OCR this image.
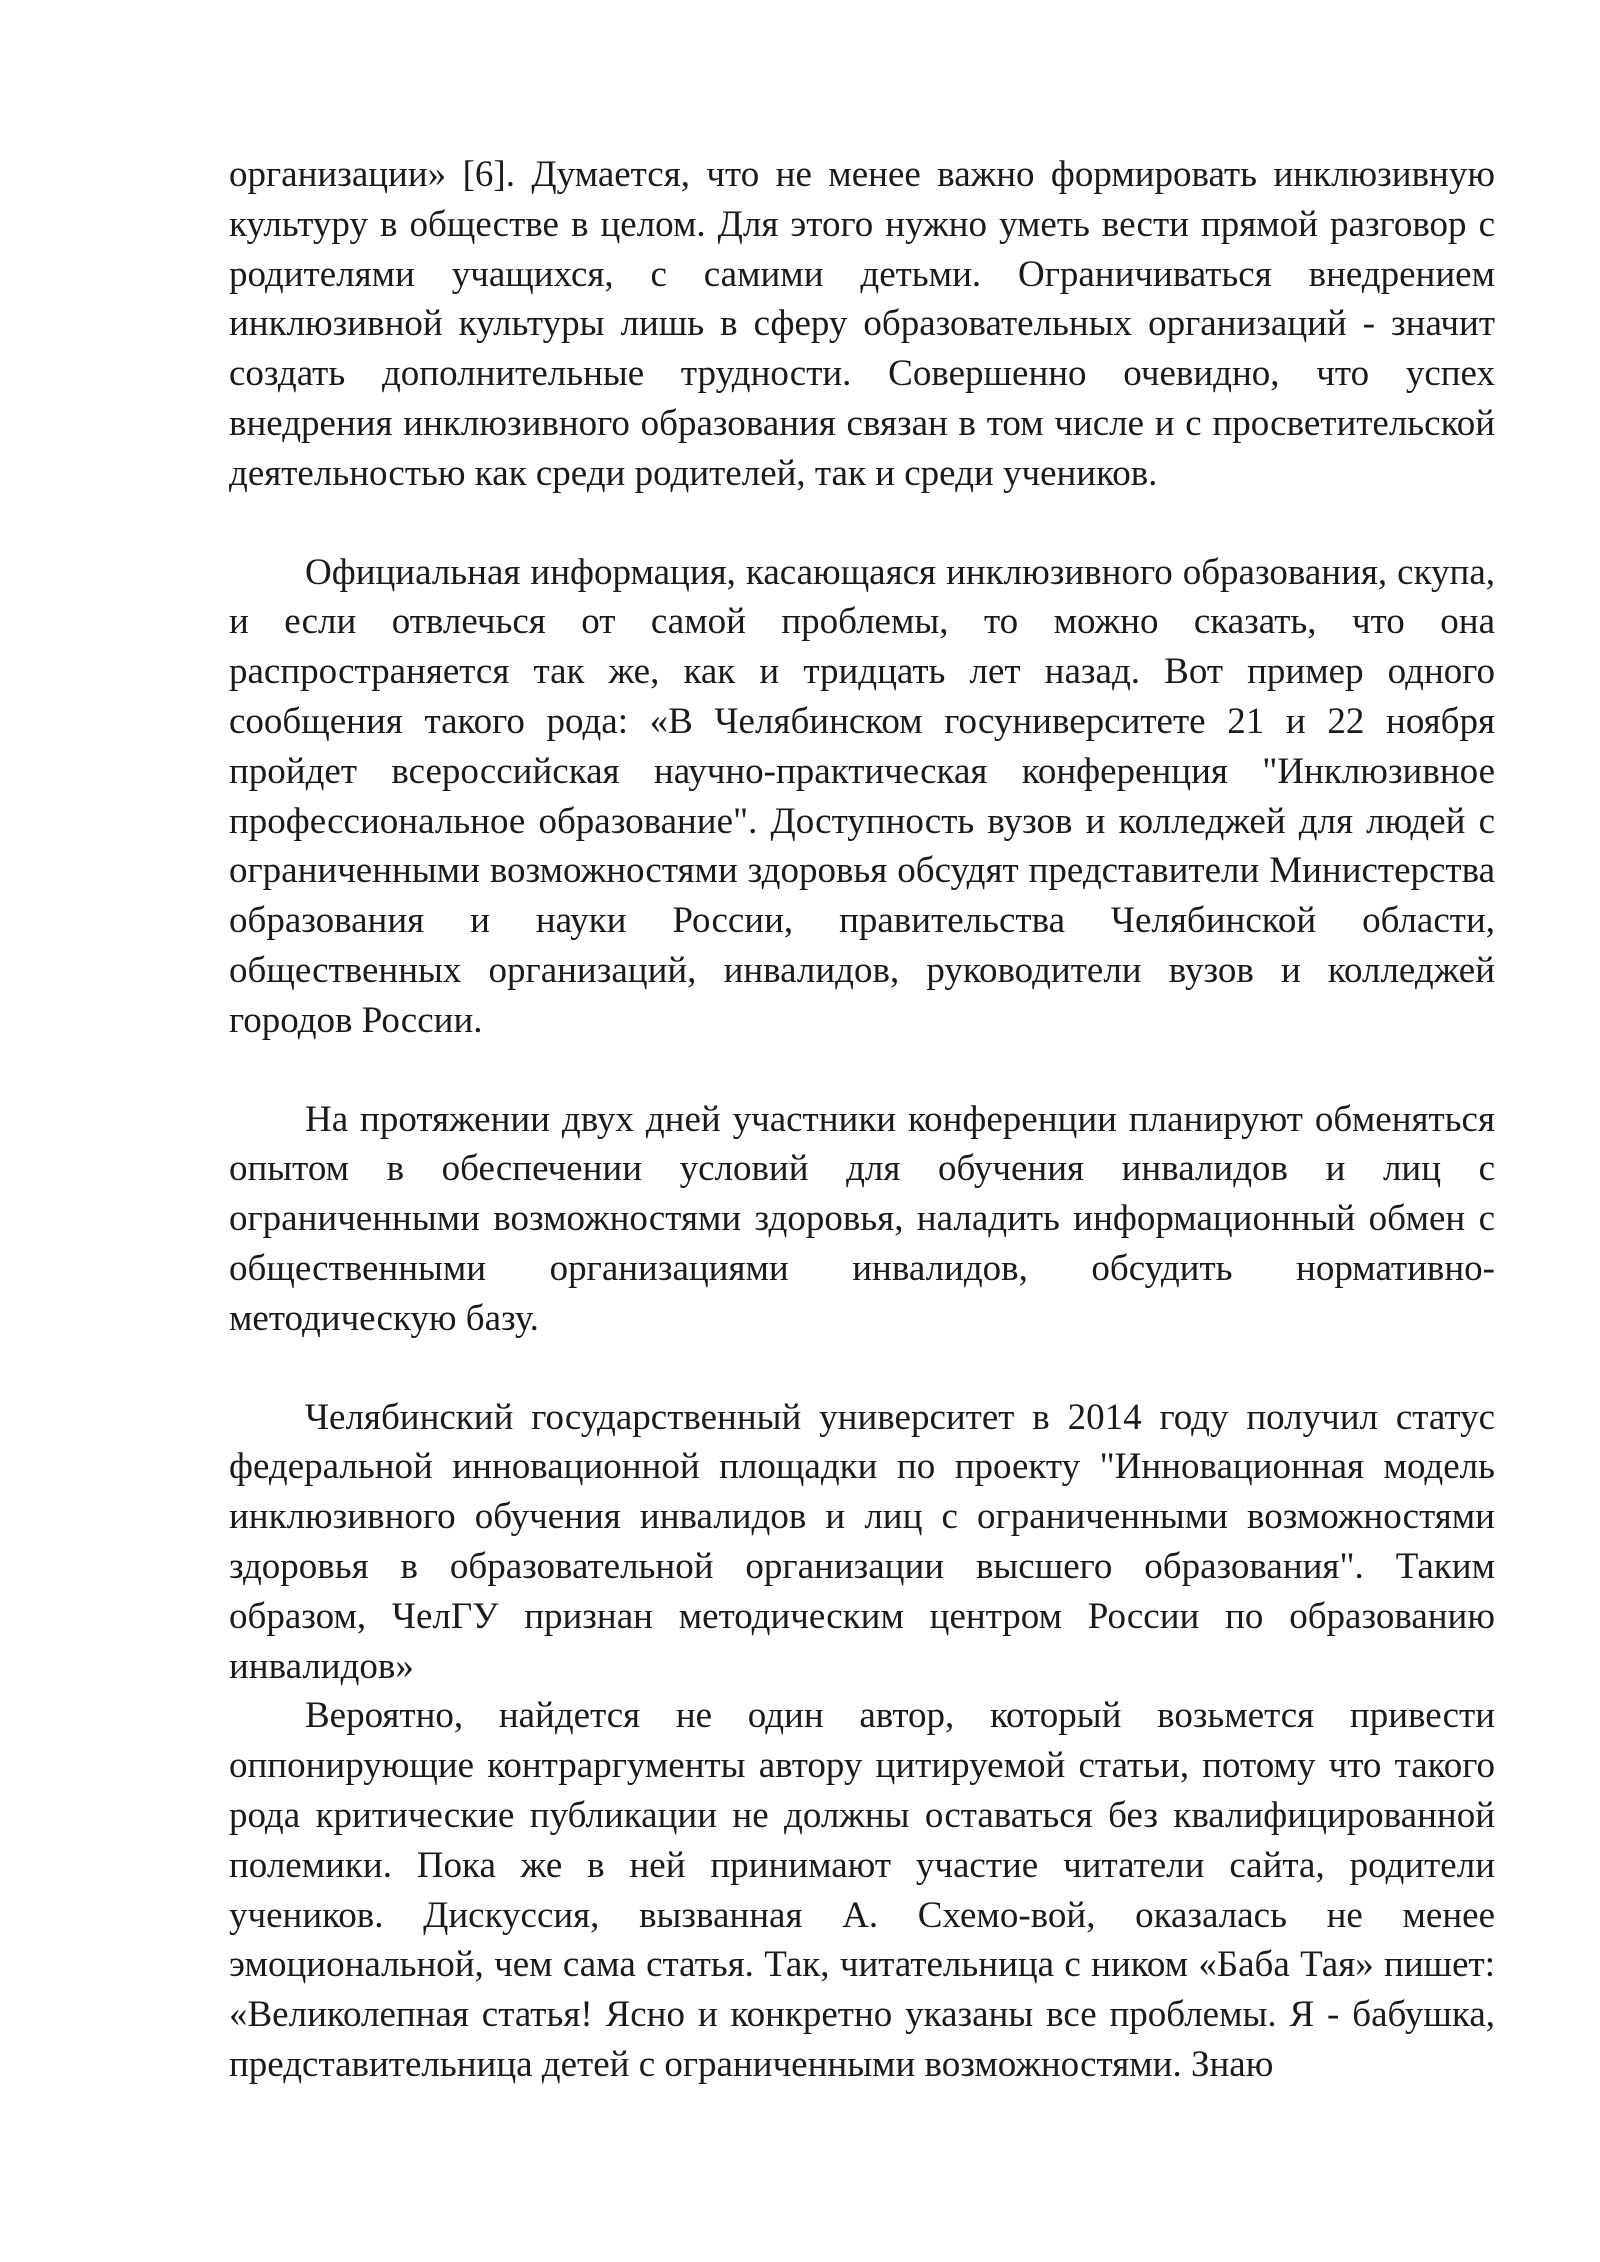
организации» [6]. Думается, что не менее важно формировать инклюзивную культуру в обществе в целом. Для этого нужно уметь вести прямой разговор с родителями учащихся, с самими детьми. Ограничиваться внедрением инклюзивной культуры лишь в сферу образовательных организаций - значит создать дополнительные трудности. Совершенно очевидно, что успех внедрения инклюзивного образования связан в том числе и с просветительской деятельностью как среди родителей, так и среди учеников.

Официальная информация, касающаяся инклюзивного образования, скупа, и если отвлечься от самой проблемы, то можно сказать, что она распространяется так же, как и тридцать лет назад. Вот пример одного сообщения такого рода: «В Челябинском госуниверситете 21 и 22 ноября пройдет всероссийская научно-практическая конференция "Инклюзивное профессиональное образование". Доступность вузов и колледжей для людей с ограниченными возможностями здоровья обсудят представители Министерства образования и науки России, правительства Челябинской области, общественных организаций, инвалидов, руководители вузов и колледжей городов России.

На протяжении двух дней участники конференции планируют обменяться опытом в обеспечении условий для обучения инвалидов и лиц с ограниченными возможностями здоровья, наладить информационный обмен с общественными организациями инвалидов, обсудить нормативно-методическую базу.

Челябинский государственный университет в 2014 году получил статус федеральной инновационной площадки по проекту "Инновационная модель инклюзивного обучения инвалидов и лиц с ограниченными возможностями здоровья в образовательной организации высшего образования". Таким образом, ЧелГУ признан методическим центром России по образованию инвалидов»

Вероятно, найдется не один автор, который возьмется привести оппонирующие контраргументы автору цитируемой статьи, потому что такого рода критические публикации не должны оставаться без квалифицированной полемики. Пока же в ней принимают участие читатели сайта, родители учеников. Дискуссия, вызванная А. Схемо-вой, оказалась не менее эмоциональной, чем сама статья. Так, читательница с ником «Баба Тая» пишет: «Великолепная статья! Ясно и конкретно указаны все проблемы. Я - бабушка, представительница детей с ограниченными возможностями. Знаю
